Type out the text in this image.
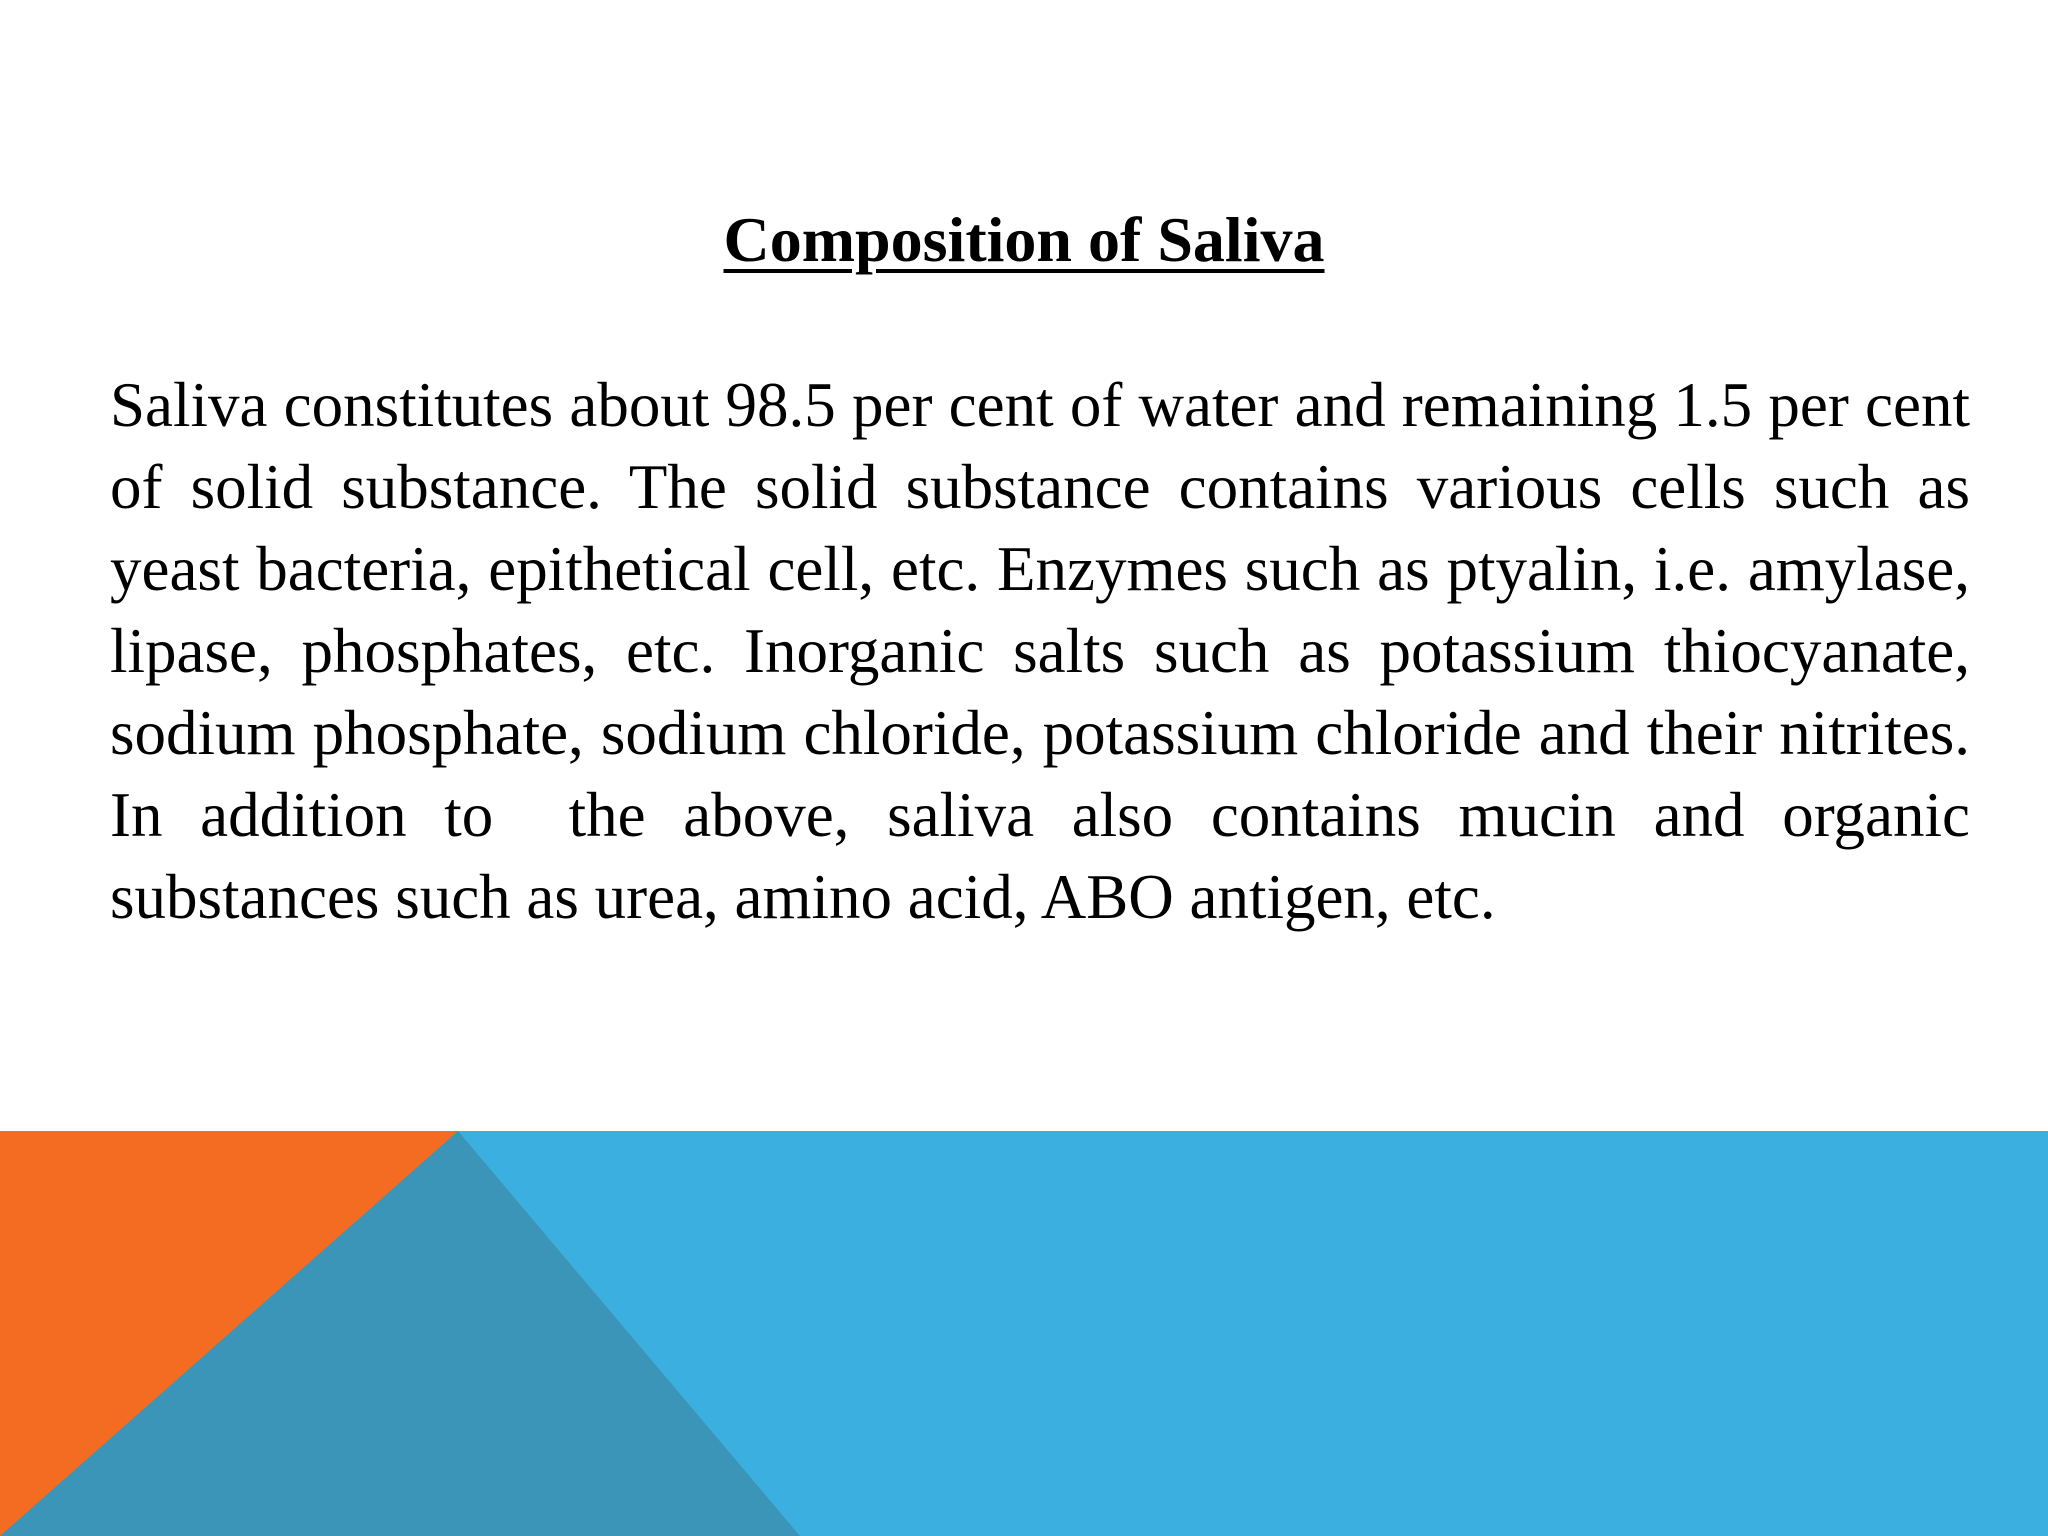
Composition of Saliva

Saliva constitutes about 98.5 per cent of water and remaining 1.5 per cent of solid substance. The solid substance contains various cells such as yeast bacteria, epithetical cell, etc. Enzymes such as ptyalin, i.e. amylase, lipase, phosphates, etc. Inorganic salts such as potassium thiocyanate, sodium phosphate, sodium chloride, potassium chloride and their nitrites. In addition to  the above, saliva also contains mucin and organic substances such as urea, amino acid, ABO antigen, etc.
